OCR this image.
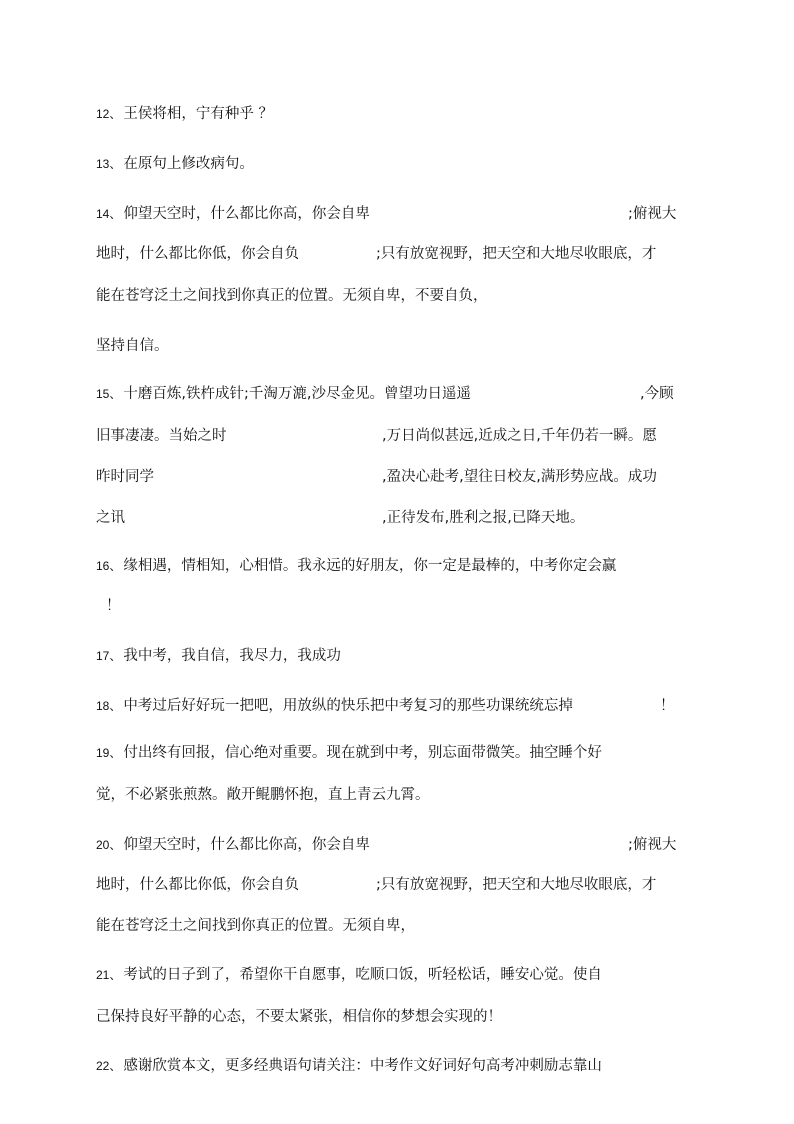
12、 王侯将相，宁有种乎 ？
13、 在原句上修改病句。
14、 仰望天空时，什么都比你高，你会自卑	;俯视大
地时，什么都比你低，你会自负	;只有放宽视野，把天空和大地尽收眼底，才
能在苍穹泛土之间找到你真正的位置。无须自卑，不要自负，
坚持自信。
15、 十磨百炼,铁杵成针;千淘万漉,沙尽金见。曾望功日遥遥	,今顾
旧事凄凄。当始之时	,万日尚似甚远,近成之日,千年仍若一瞬。愿
昨时同学	,盈决心赴考,望往日校友,满形势应战。成功
之讯	,正待发布,胜利之报,已降天地。
16、 缘相遇，情相知，心相惜。我永远的好朋友，你一定是最棒的，中考你定会赢
！
17、 我中考，我自信，我尽力，我成功
18、 中考过后好好玩一把吧，用放纵的快乐把中考复习的那些功课统统忘掉	！
19、 付出终有回报，信心绝对重要。现在就到中考，别忘面带微笑。抽空睡个好
觉，不必紧张煎熬。敞开鲲鹏怀抱，直上青云九霄。
20、 仰望天空时，什么都比你高，你会自卑	;俯视大
地时，什么都比你低，你会自负	;只有放宽视野，把天空和大地尽收眼底，才
能在苍穹泛土之间找到你真正的位置。无须自卑，
21、 考试的日子到了，希望你干自愿事，吃顺口饭，听轻松话，睡安心觉。使自
己保持良好平静的心态，不要太紧张，相信你的梦想会实现的！
22、 感谢欣赏本文，更多经典语句请关注：中考作文好词好句高考冲刺励志靠山
